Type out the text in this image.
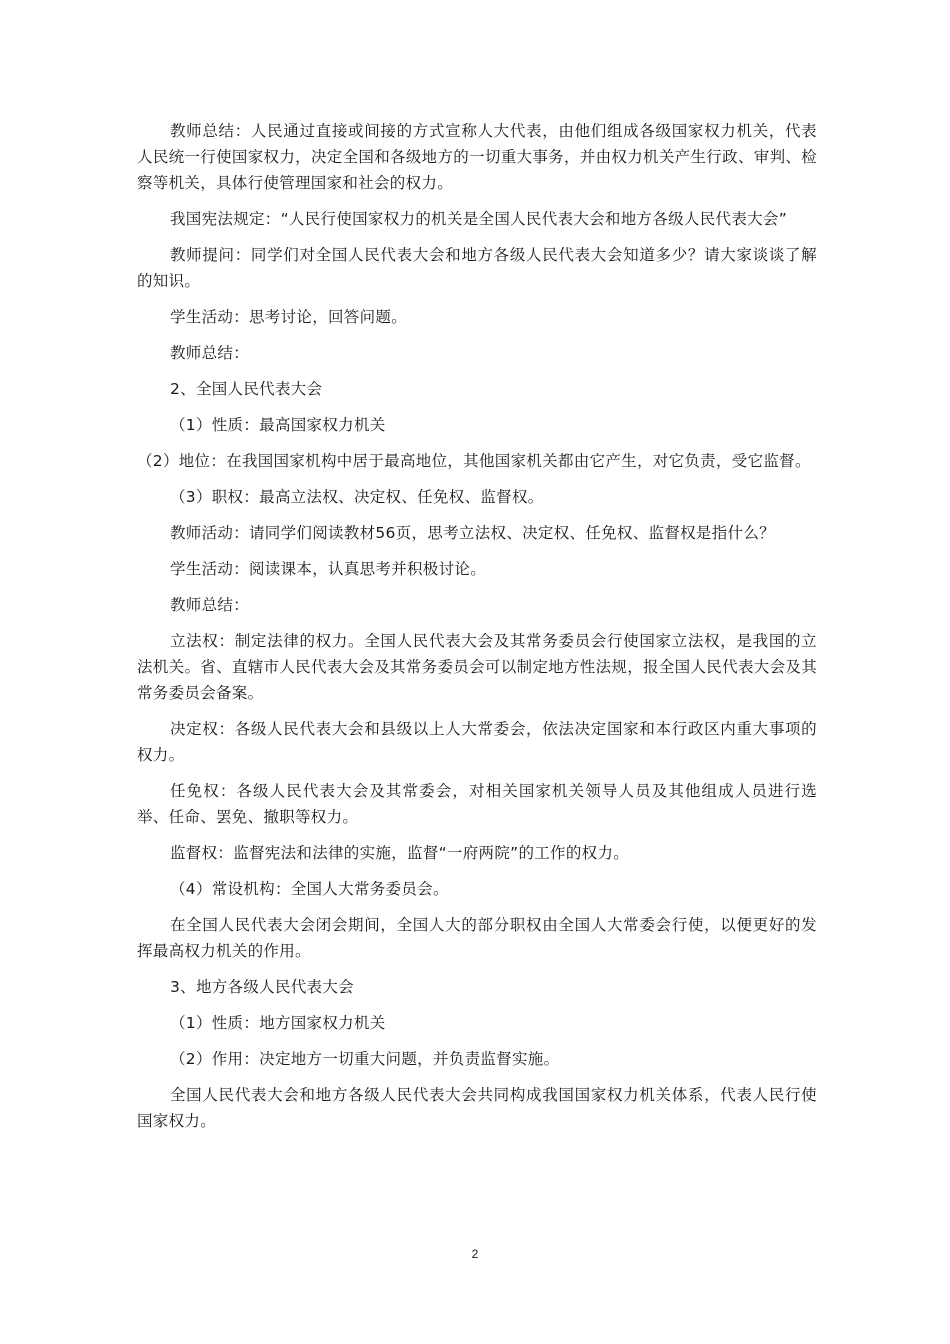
教师总结：人民通过直接或间接的方式宣称人大代表，由他们组成各级国家权力机关，代表人民统一行使国家权力，决定全国和各级地方的一切重大事务，并由权力机关产生行政、审判、检察等机关，具体行使管理国家和社会的权力。

我国宪法规定：“人民行使国家权力的机关是全国人民代表大会和地方各级人民代表大会”

教师提问：同学们对全国人民代表大会和地方各级人民代表大会知道多少？请大家谈谈了解的知识。

学生活动：思考讨论，回答问题。

教师总结：

2、全国人民代表大会

（1）性质：最高国家权力机关

（2）地位：在我国国家机构中居于最高地位，其他国家机关都由它产生，对它负责，受它监督。

（3）职权：最高立法权、决定权、任免权、监督权。

教师活动：请同学们阅读教材56页，思考立法权、决定权、任免权、监督权是指什么？

学生活动：阅读课本，认真思考并积极讨论。

教师总结：

立法权：制定法律的权力。全国人民代表大会及其常务委员会行使国家立法权，是我国的立法机关。省、直辖市人民代表大会及其常务委员会可以制定地方性法规，报全国人民代表大会及其常务委员会备案。

决定权：各级人民代表大会和县级以上人大常委会，依法决定国家和本行政区内重大事项的权力。

任免权：各级人民代表大会及其常委会，对相关国家机关领导人员及其他组成人员进行选举、任命、罢免、撤职等权力。

监督权：监督宪法和法律的实施，监督“一府两院”的工作的权力。

（4）常设机构：全国人大常务委员会。

在全国人民代表大会闭会期间，全国人大的部分职权由全国人大常委会行使，以便更好的发挥最高权力机关的作用。

3、地方各级人民代表大会

（1）性质：地方国家权力机关

（2）作用：决定地方一切重大问题，并负责监督实施。

全国人民代表大会和地方各级人民代表大会共同构成我国国家权力机关体系，代表人民行使国家权力。

2
